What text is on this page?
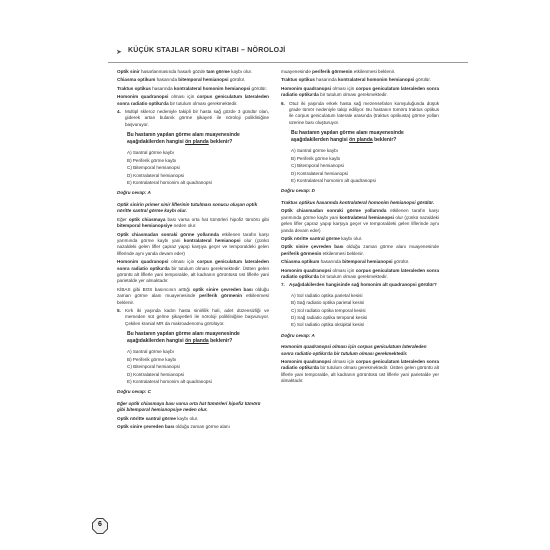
➤ KÜÇÜK STAJLAR SORU KİTABI – NÖROLOJİ

Optik sinir hasarlanmasında hasarlı gözde tam görme kaybı olur.

Chiasma optikum hasarında bitemporal hemianopsi görülür.

Traktus optikus hasarında kontralateral homonim hemianopsi görülür.

Homonim quadranopsi olması için corpus geniculatum lateraleden sonra radiatio optika'da bir tutulum olması gerekmektedir.

4. Multipl skleroz nedeniyle takipli bir hasta sağ gözde 3 gündür olan, giderek artan bulanık görme şikayeti ile nöroloji polikliniğine başvuruyor.
Bu hastanın yapılan görme alanı muayenesinde aşağıdakilerden hangisi ön planda beklenir?
A) Santral görme kaybı
B) Periferik görme kaybı
C) Bitemporal hemianopsi
D) Kontralateral hemianopsi
E) Kontralateral homonim alt quadranopsi
Doğru cevap: A
Optik sinirin primer sinir liflerinin tutulması sonucu oluşan optik nöritte santral görme kaybı olur.

Eğer optik chiasmaya bası varsa orta hat tümörleri hipofiz tümörü gibi bitemporal hemianopsiye neden olur.

Optik chiasmadan sonraki görme yollarında etkilenen tarafın karşı yarımında görme kaybı yani kontralateral hemianopsi olur (çünkü nazaldeki gelen lifler çapraz yapıp karşıya geçer ve temporaldeki gelen liflerinde aynı yanda devam eder)

Homonim quadranopsi olması için corpus geniculatum lateraleden sonra radiatio optika'da bir tutulum olması gerekmektedir. Üstten gelen görüntü alt liflerle yani temporalde, alt kadranın görüntüsü üst liflerle yani parietalde yer almaktadır.

KİBAS gibi BOS basıncının arttığı optik sinire çevreden bası olduğu zaman görme alanı muayenesinde periferik görmenin etkilenmesi beklenir.

5. Kırk iki yaşında kadın hasta sinirlilik hali, adet düzensizliği ve memeden süt gelme şikayetleri ile nöroloji polikliniğine başvuruyor. Çekilen kranial MR da makroadenomu görülüyor.
Bu hastanın yapılan görme alanı muayenesinde aşağıdakilerden hangisi ön planda beklenir?
A) Santral görme kaybı
B) Periferik görme kaybı
C) Bitemporal hemianopsi
D) Kontralateral hemianopsi
E) Kontralateral homonim alt quadranopsi
Doğru cevap: C
Eğer optik chiasmaya bası varsa orta hat tümörleri hipofiz tümörü gibi bitemporal hemianopsiye neden olur.

Optik nöritte santral görme kaybı olur.

Optik sinire çevreden bası olduğu zaman görme alanı

muayenesinde periferik görmenin etkilenmesi beklenir.

Traktus optikus hasarında kontralateral homonim hemianopsi görülür.

Homonim quadranopsi olması için corpus geniculatum lateraleden sonra radiatio optika'da bir tutulum olması gerekmektedir.

6. Otuz iki yaşında erkek hasta sağ mezensefalon komşuluğunda düşük grade tümör nedeniyle takip ediliyor. Bu hastanın tümörü traktus optikus ile corpus geniculatum laterale arasında (traktus optikusta) görme yolları üzerine bası oluşturuyor.
Bu hastanın yapılan görme alanı muayenesinde aşağıdakilerden hangisi ön planda beklenir?
A) Santral görme kaybı
B) Periferik görme kaybı
C) Bitemporal hemianopsi
D) Kontralateral hemianopsi
E) Kontralateral homonim alt quadranopsi
Doğru cevap: D
Traktus optikus hasarında kontralateral homonim hemianopsi görülür.

Optik chiasmadan sonraki görme yollarında etkilenen tarafın karşı yarımında görme kaybı yani kontralateral hemianopsi olur (çünkü nazaldeki gelen lifler çapraz yapıp karşıya geçer ve temporaldeki gelen liflerinde aynı yanda devam eder)

Optik nöritte santral görme kaybı olur.

Optik sinire çevreden bası olduğu zaman görme alanı muayenesinde periferik görmenin etkilenmesi beklenir.

Chiasma optikum hasarında bitemporal hemianopsi görülür.

Homonim quadranopsi olması için corpus geniculatum lateraleden sonra radiatio optika'da bir tutulum olması gerekmektedir.

7. Aşağıdakilerden hangisinde sağ homonim alt quadranopsi görülür?
A) Sol radiatio optika parietal kesisi
B) Sağ radiatio optika parietal kesisi
C) Sol radiatio optika temporal kesisi
D) Sağ radiatio optika temporal kesisi
E) Sol radiatio optika oksipital kesisi
Doğru cevap: A
Homonim quadranopsi olması için corpus geniculatum lateraleden sonra radiatio optika'da bir tutulum olması gerekmektedir.

Homonim quadranopsi olması için corpus geniculatum lateraleden sonra radiatio optika'da bir tutulum olması gerekmektedir. Üstten gelen görüntü alt liflerle yani temporalde, alt kadranın görüntüsü üst liflerle yani parietalde yer almaktadır.

6
